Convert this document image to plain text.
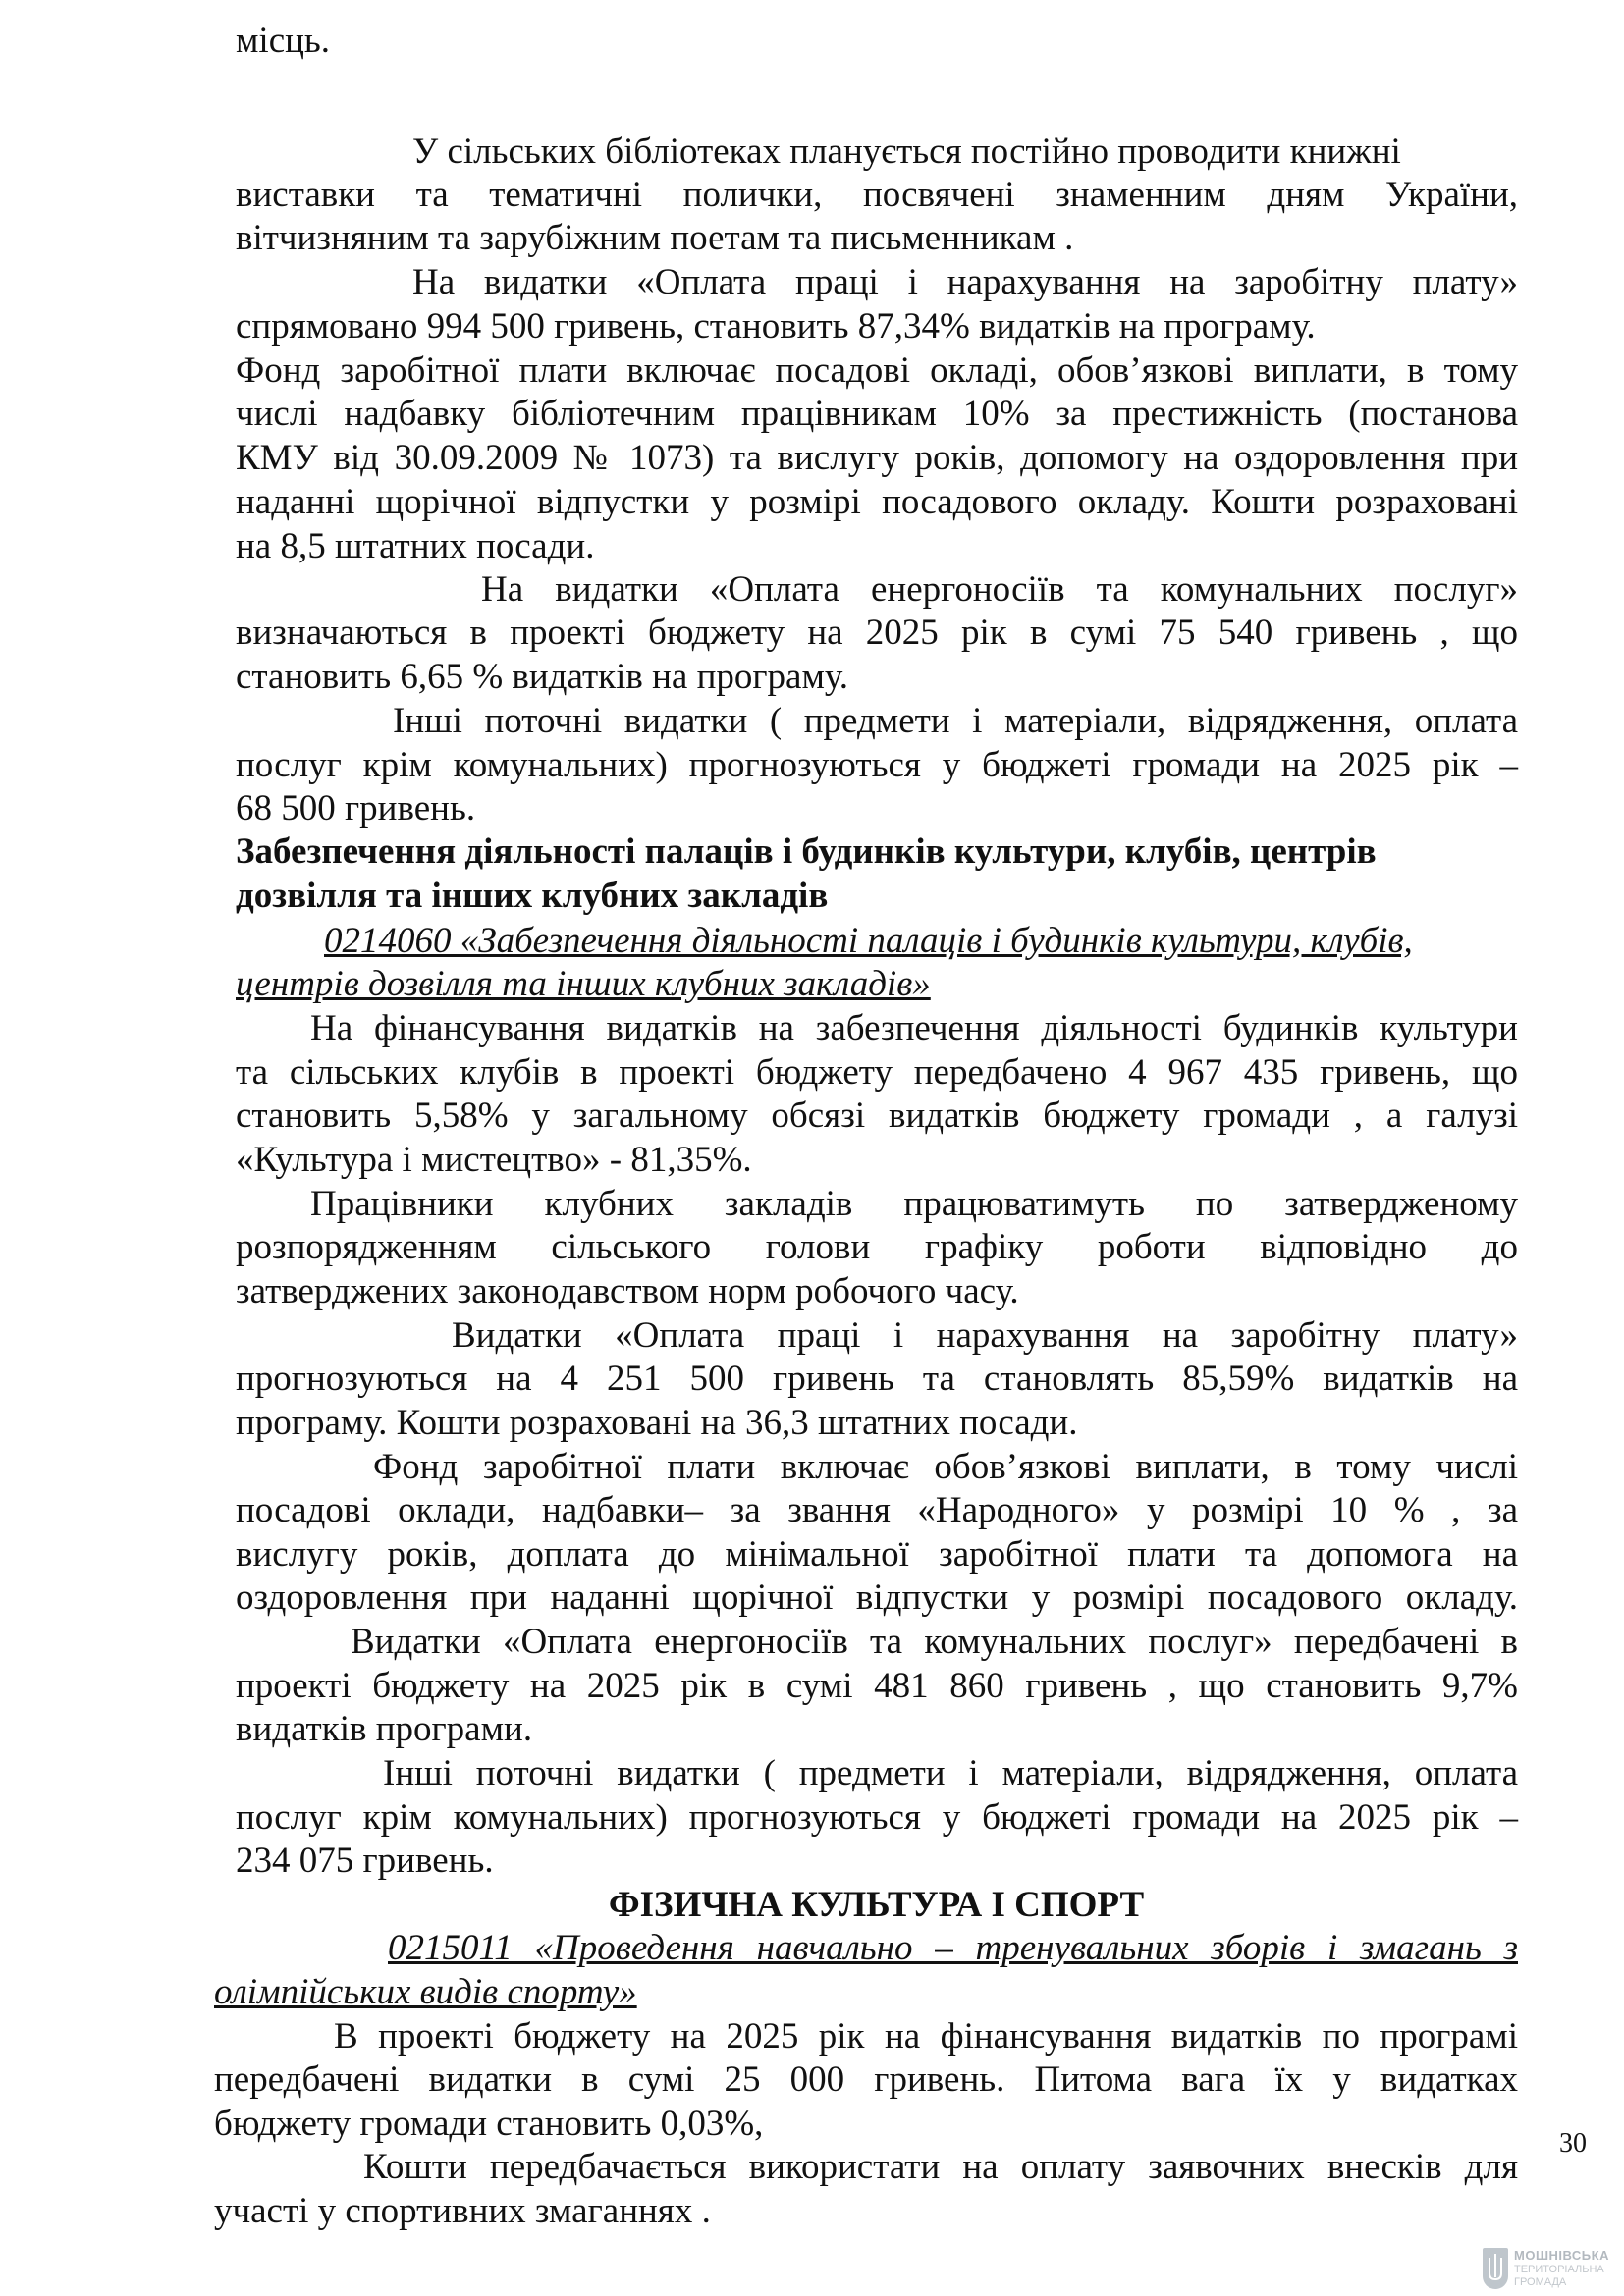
місць.
У сільських бібліотеках планується постійно проводити книжні
виставки та тематичні полички, посвячені знаменним дням України,
вітчизняним та зарубіжним поетам та письменникам .
На видатки «Оплата праці і нарахування на заробітну плату»
спрямовано 994 500 гривень, становить 87,34% видатків на програму.
Фонд заробітної плати включає посадові окладі, обов’язкові виплати, в тому
числі надбавку бібліотечним працівникам 10% за престижність (постанова
КМУ від 30.09.2009 № 1073) та вислугу років, допомогу на оздоровлення при
наданні щорічної відпустки у розмірі посадового окладу. Кошти розраховані
на 8,5 штатних посади.
На видатки «Оплата енергоносіїв та комунальних послуг»
визначаються в проекті бюджету на 2025 рік в сумі 75 540 гривень , що
становить 6,65 % видатків на програму.
Інші поточні видатки ( предмети і матеріали, відрядження, оплата
послуг крім комунальних) прогнозуються у бюджеті громади на 2025 рік –
68 500 гривень.
Забезпечення діяльності палаців і будинків культури, клубів, центрів
дозвілля та інших клубних закладів
0214060 «Забезпечення діяльності палаців і будинків культури, клубів,
центрів дозвілля та інших клубних закладів»
На фінансування видатків на забезпечення діяльності будинків культури
та сільських клубів в проекті бюджету передбачено 4 967 435 гривень, що
становить 5,58% у загальному обсязі видатків бюджету громади , а галузі
«Культура і мистецтво» - 81,35%.
Працівники клубних закладів працюватимуть по затвердженому
розпорядженням сільського голови графіку роботи відповідно до
затверджених законодавством норм робочого часу.
Видатки «Оплата праці і нарахування на заробітну плату»
прогнозуються на 4 251 500 гривень та становлять 85,59% видатків на
програму. Кошти розраховані на 36,3 штатних посади.
Фонд заробітної плати включає обов’язкові виплати, в тому числі
посадові оклади, надбавки– за звання «Народного» у розмірі 10 % , за
вислугу років, доплата до мінімальної заробітної плати та допомога на
оздоровлення при наданні щорічної відпустки у розмірі посадового окладу.
Видатки «Оплата енергоносіїв та комунальних послуг» передбачені в
проекті бюджету на 2025 рік в сумі 481 860 гривень , що становить 9,7%
видатків програми.
Інші поточні видатки ( предмети і матеріали, відрядження, оплата
послуг крім комунальних) прогнозуються у бюджеті громади на 2025 рік –
234 075 гривень.
ФІЗИЧНА КУЛЬТУРА І СПОРТ
0215011 «Проведення навчально – тренувальних зборів і змагань з
олімпійських видів спорту»
В проекті бюджету на 2025 рік на фінансування видатків по програмі
передбачені видатки в сумі 25 000 гривень. Питома вага їх у видатках
бюджету громади становить 0,03%,
Кошти передбачається використати на оплату заявочних внесків для
участі у спортивних змаганнях .
30
МОШНІВСЬКА
ТЕРИТОРІАЛЬНА
ГРОМАДА
